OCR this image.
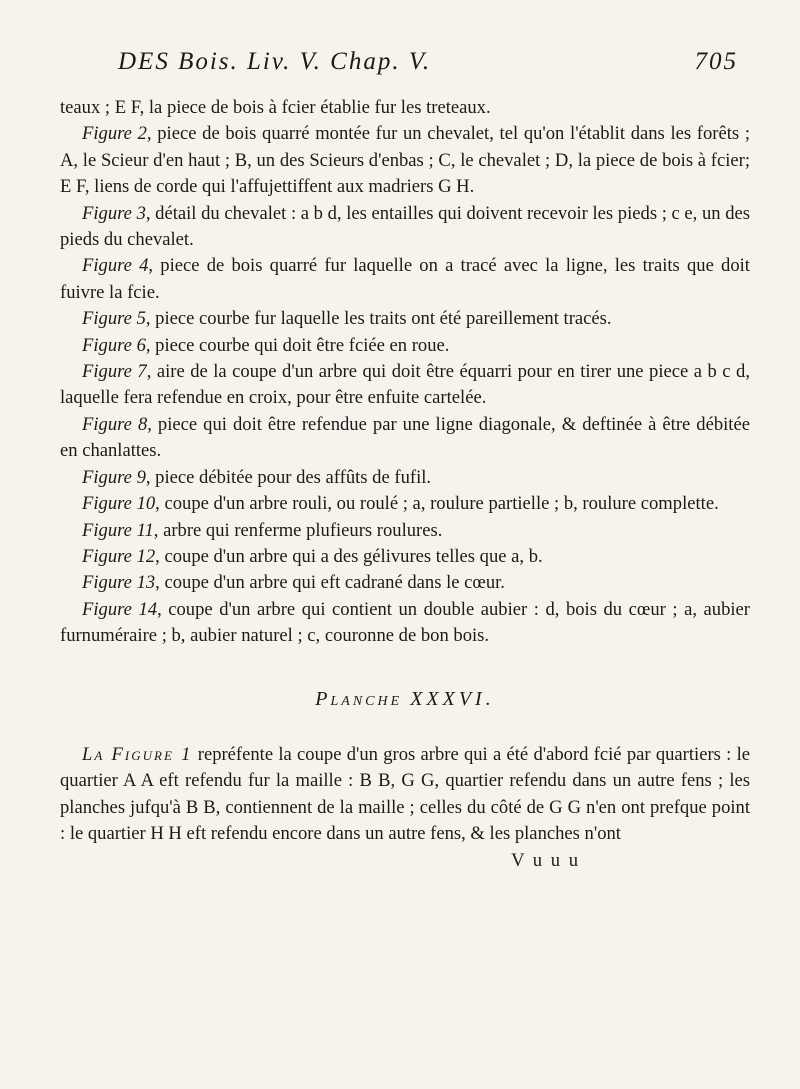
DES Bois. Liv. V. Chap. V.	705

teaux ; E F, la piece de bois à fcier établie fur les treteaux.

Figure 2, piece de bois quarré montée fur un chevalet, tel qu'on l'établit dans les forêts ; A, le Scieur d'en haut ; B, un des Scieurs d'enbas ; C, le chevalet ; D, la piece de bois à fcier; E F, liens de corde qui l'affujettiffent aux madriers G H.

Figure 3, détail du chevalet : a b d, les entailles qui doivent recevoir les pieds ; c e, un des pieds du chevalet.

Figure 4, piece de bois quarré fur laquelle on a tracé avec la ligne, les traits que doit fuivre la fcie.

Figure 5, piece courbe fur laquelle les traits ont été pareillement tracés.

Figure 6, piece courbe qui doit être fciée en roue.

Figure 7, aire de la coupe d'un arbre qui doit être équarri pour en tirer une piece a b c d, laquelle fera refendue en croix, pour être enfuite cartelée.

Figure 8, piece qui doit être refendue par une ligne diagonale, & deftinée à être débitée en chanlattes.

Figure 9, piece débitée pour des affûts de fufil.

Figure 10, coupe d'un arbre rouli, ou roulé ; a, roulure partielle ; b, roulure complette.

Figure 11, arbre qui renferme plufieurs roulures.

Figure 12, coupe d'un arbre qui a des gélivures telles que a, b.

Figure 13, coupe d'un arbre qui eft cadrané dans le cœur.

Figure 14, coupe d'un arbre qui contient un double aubier : d, bois du cœur ; a, aubier furnuméraire ; b, aubier naturel ; c, couronne de bon bois.

Planche XXXVI.

La Figure 1 repréfente la coupe d'un gros arbre qui a été d'abord fcié par quartiers : le quartier A A eft refendu fur la maille : B B, G G, quartier refendu dans un autre fens ; les planches jufqu'à B B, contiennent de la maille ; celles du côté de G G n'en ont prefque point : le quartier H H eft refendu encore dans un autre fens, & les planches n'ont

V u u u
